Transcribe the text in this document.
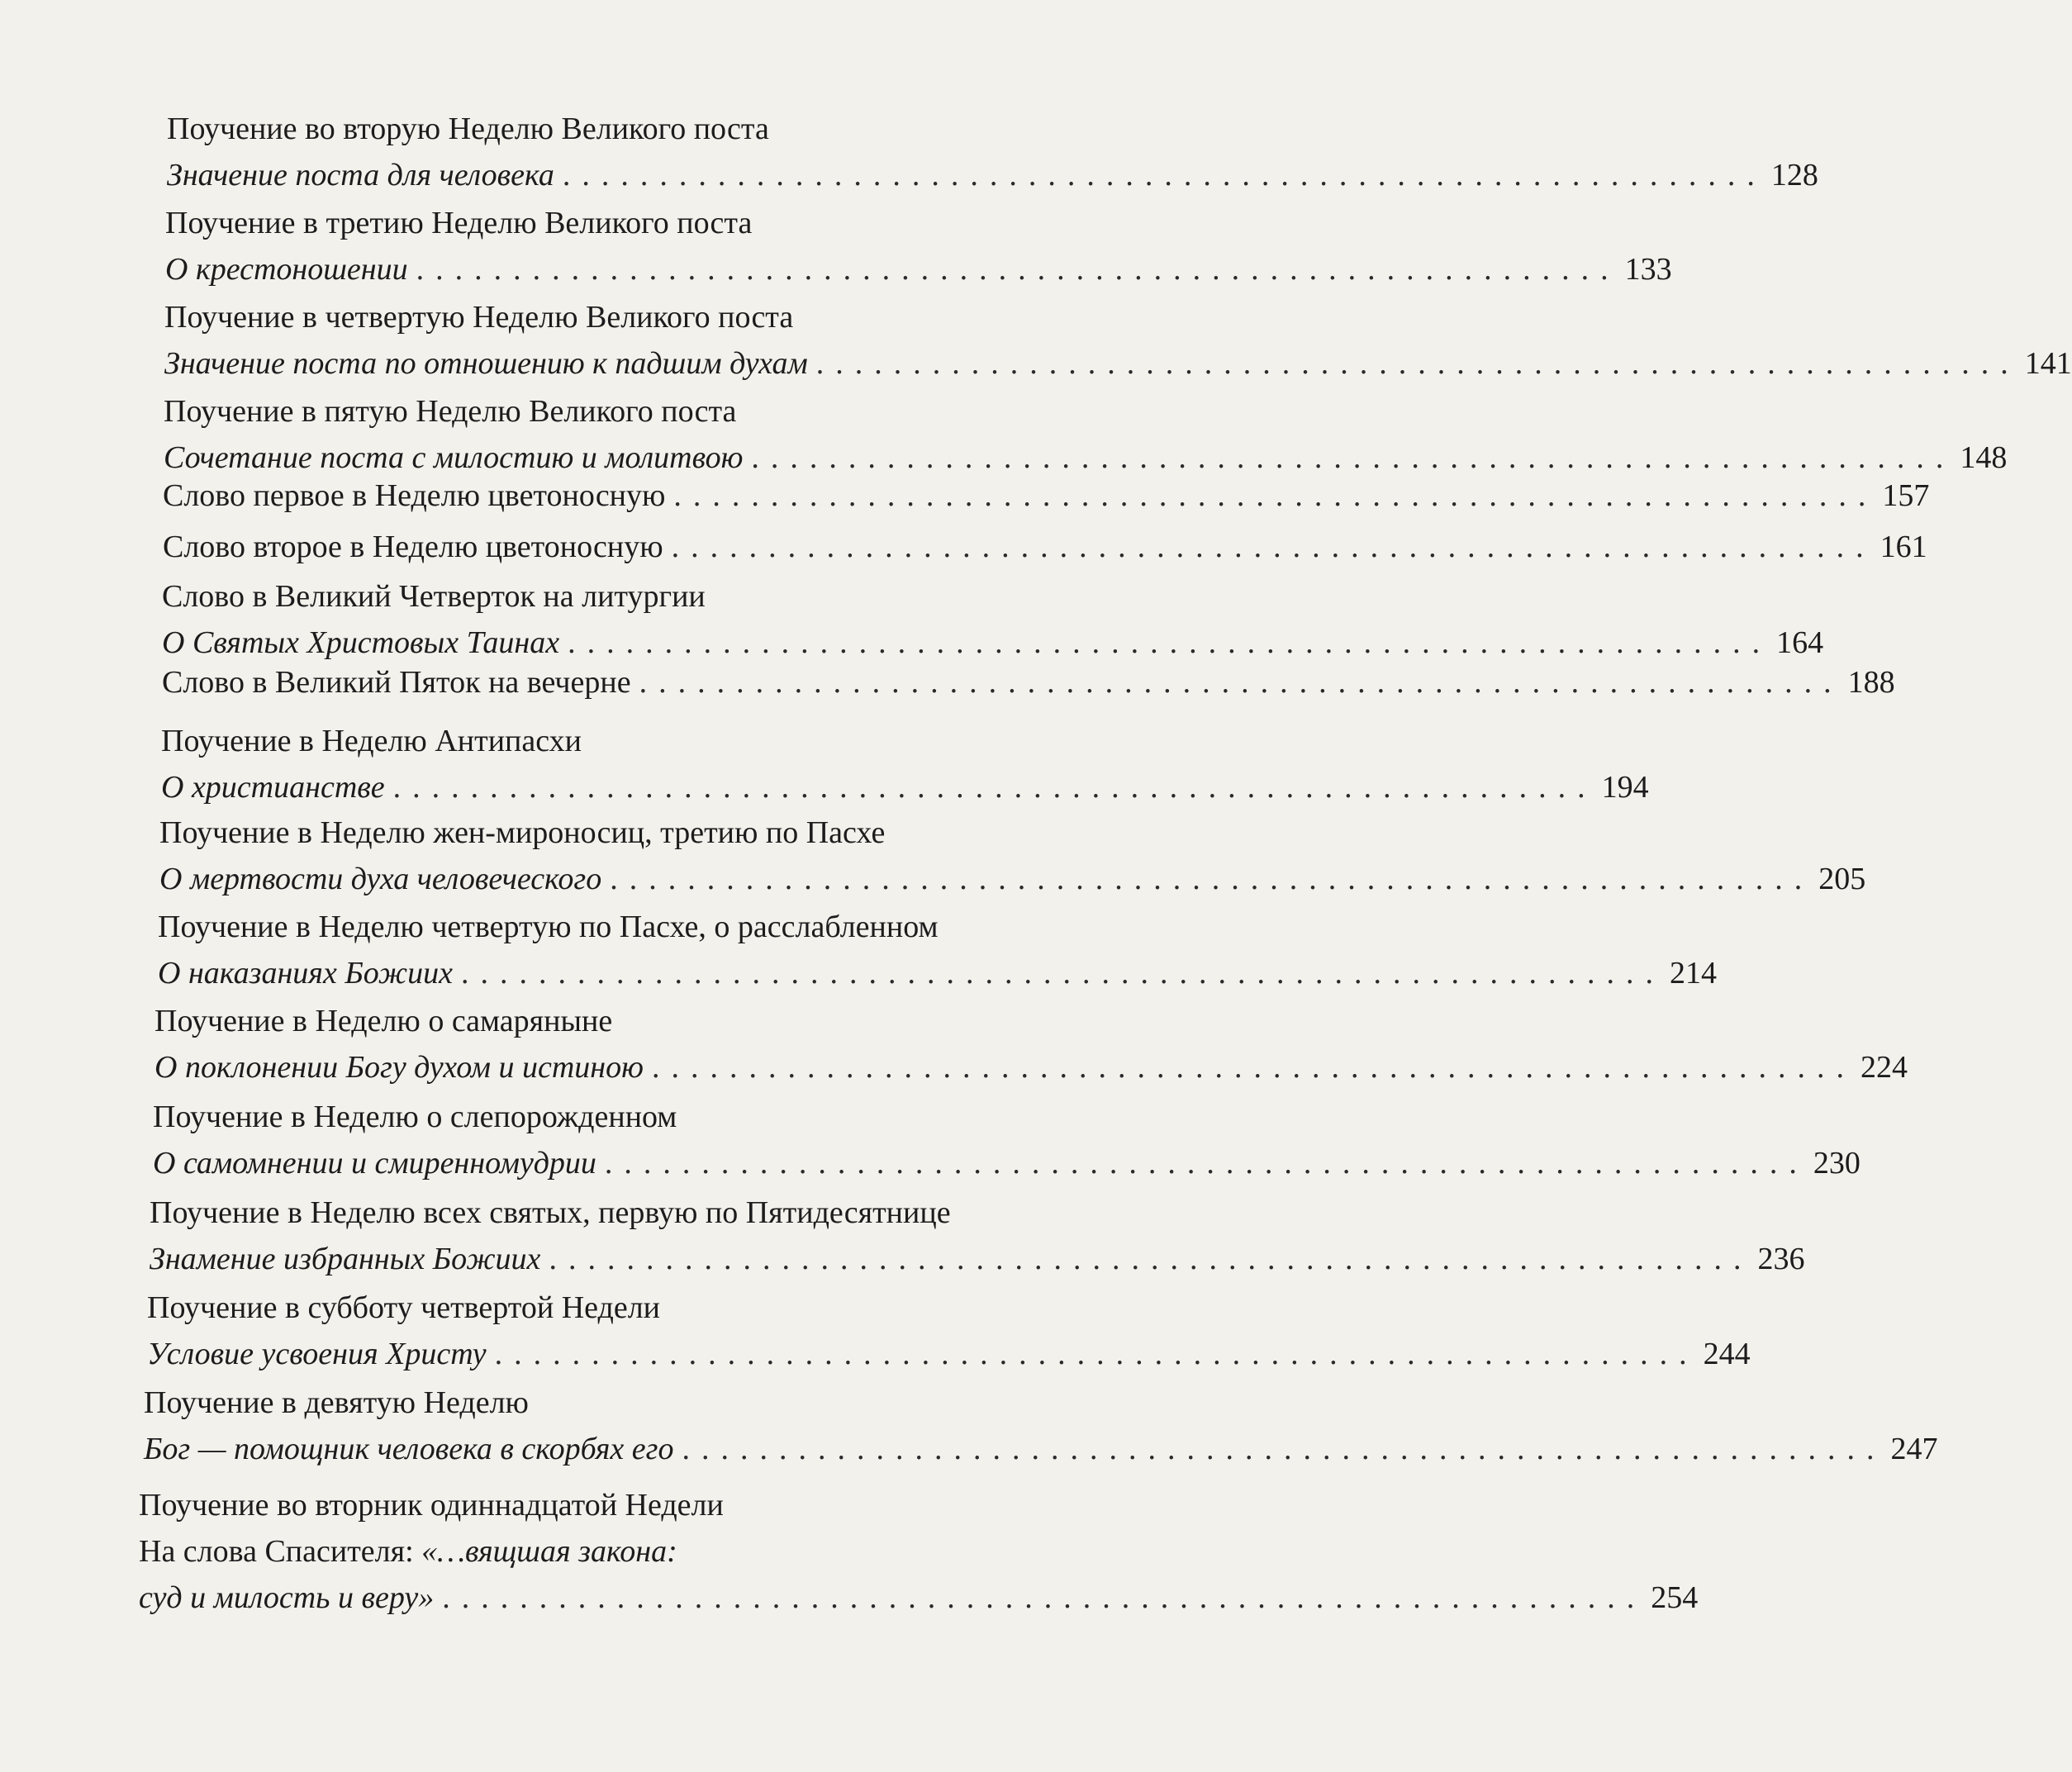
Поучение во вторую Неделю Великого поста
Значение поста для человека .............................................................. 128
Поучение в третию Неделю Великого поста
О крестоношении .............................................................. 133
Поучение в четвертую Неделю Великого поста
Значение поста по отношению к падшим духам .............................................................. 141
Поучение в пятую Неделю Великого поста
Сочетание поста с милостию и молитвою .............................................................. 148
Слово первое в Неделю цветоносную .............................................................. 157
Слово второе в Неделю цветоносную .............................................................. 161
Слово в Великий Четверток на литургии
О Святых Христовых Таинах .............................................................. 164
Слово в Великий Пяток на вечерне .............................................................. 188
Поучение в Неделю Антипасхи
О христианстве .............................................................. 194
Поучение в Неделю жен-мироносиц, третию по Пасхе
О мертвости духа человеческого .............................................................. 205
Поучение в Неделю четвертую по Пасхе, о расслабленном
О наказаниях Божиих .............................................................. 214
Поучение в Неделю о самаряныне
О поклонении Богу духом и истиною .............................................................. 224
Поучение в Неделю о слепорожденном
О самомнении и смиренномудрии .............................................................. 230
Поучение в Неделю всех святых, первую по Пятидесятнице
Знамение избранных Божиих .............................................................. 236
Поучение в субботу четвертой Недели
Условие усвоения Христу .............................................................. 244
Поучение в девятую Неделю
Бог — помощник человека в скорбях его .............................................................. 247
Поучение во вторник одиннадцатой Недели
На слова Спасителя: «…вящшая закона:
суд и милость и веру» .............................................................. 254
